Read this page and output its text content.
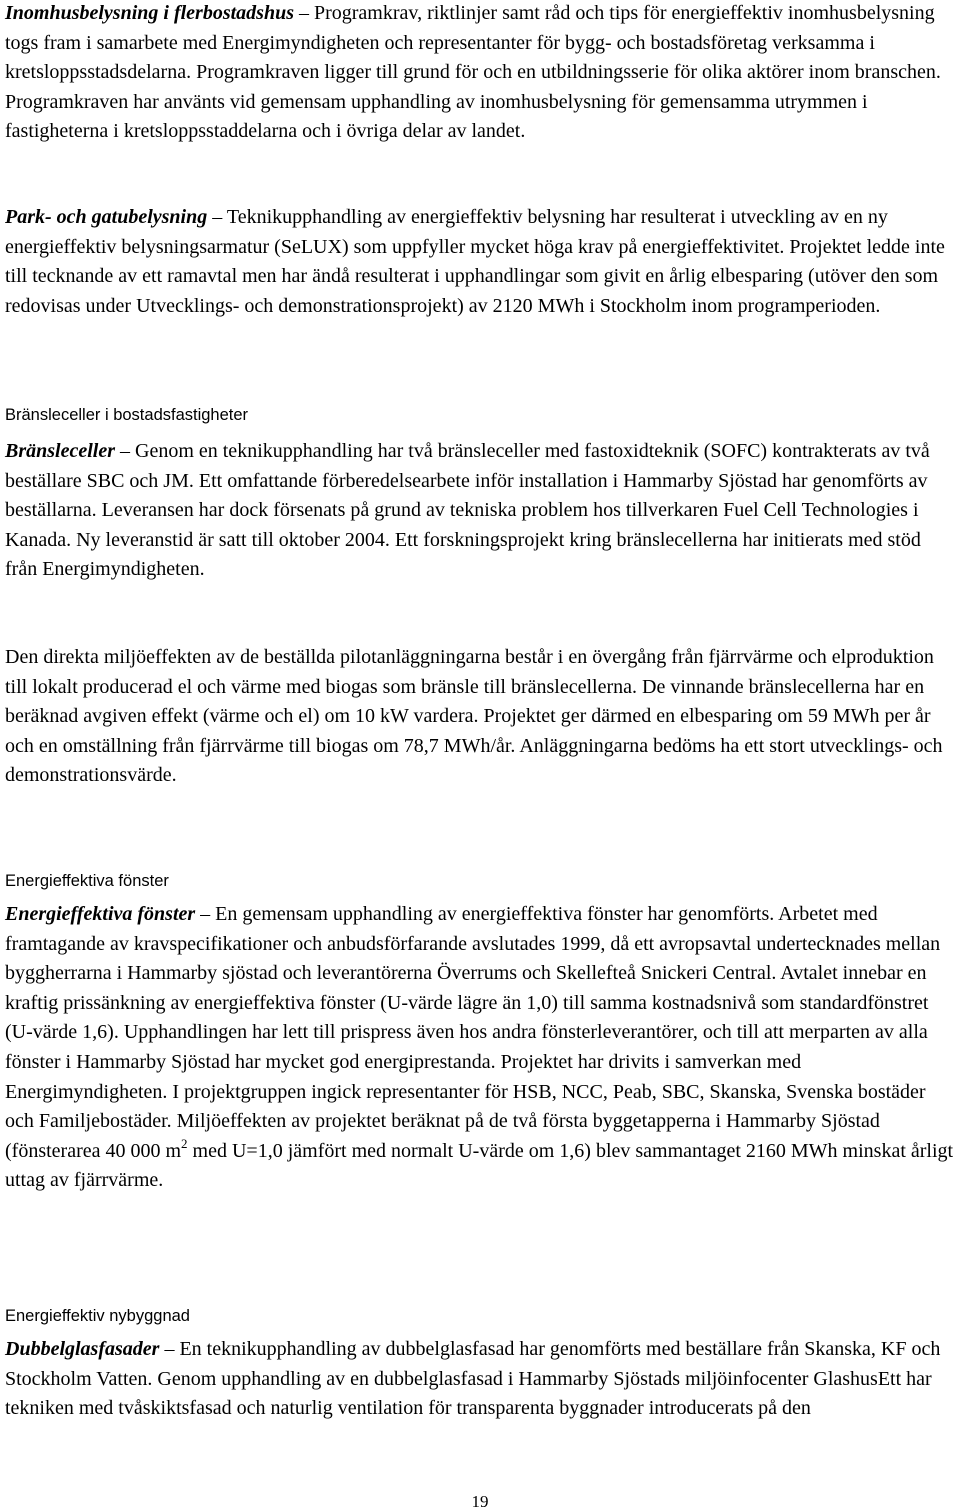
Inomhusbelysning i flerbostadshus – Programkrav, riktlinjer samt råd och tips för energieffektiv inomhusbelysning togs fram i samarbete med Energimyndigheten och representanter för bygg- och bostadsföretag verksamma i kretsloppsstadsdelarna. Programkraven ligger till grund för och en utbildningsserie för olika aktörer inom branschen. Programkraven har använts vid gemensam upphandling av inomhusbelysning för gemensamma utrymmen i fastigheterna i kretsloppsstaddelarna och i övriga delar av landet.

Park- och gatubelysning – Teknikupphandling av energieffektiv belysning har resulterat i utveckling av en ny energieffektiv belysningsarmatur (SeLUX) som uppfyller mycket höga krav på energieffektivitet. Projektet ledde inte till tecknande av ett ramavtal men har ändå resulterat i upphandlingar som givit en årlig elbesparing (utöver den som redovisas under Utvecklings- och demonstrationsprojekt) av 2120 MWh i Stockholm inom programperioden.

Bränsleceller i bostadsfastigheter

Bränsleceller – Genom en teknikupphandling har två bränsleceller med fastoxidteknik (SOFC) kontrakterats av två beställare SBC och JM. Ett omfattande förberedelsearbete inför installation i Hammarby Sjöstad har genomförts av beställarna. Leveransen har dock försenats på grund av tekniska problem hos tillverkaren Fuel Cell Technologies i Kanada. Ny leveranstid är satt till oktober 2004. Ett forskningsprojekt kring bränslecellerna har initierats med stöd från Energimyndigheten.

Den direkta miljöeffekten av de beställda pilotanläggningarna består i en övergång från fjärrvärme och elproduktion till lokalt producerad el och värme med biogas som bränsle till bränslecellerna. De vinnande bränslecellerna har en beräknad avgiven effekt (värme och el) om 10 kW vardera. Projektet ger därmed en elbesparing om 59 MWh per år och en omställning från fjärrvärme till biogas om 78,7 MWh/år. Anläggningarna bedöms ha ett stort utvecklings- och demonstrationsvärde.

Energieffektiva fönster

Energieffektiva fönster – En gemensam upphandling av energieffektiva fönster har genomförts. Arbetet med framtagande av kravspecifikationer och anbudsförfarande avslutades 1999, då ett avropsavtal undertecknades mellan byggherrarna i Hammarby sjöstad och leverantörerna Överrums och Skellefteå Snickeri Central. Avtalet innebar en kraftig prissänkning av energieffektiva fönster (U-värde lägre än 1,0) till samma kostnadsnivå som standardfönstret (U-värde 1,6). Upphandlingen har lett till prispress även hos andra fönsterleverantörer, och till att merparten av alla fönster i Hammarby Sjöstad har mycket god energiprestanda. Projektet har drivits i samverkan med Energimyndigheten. I projektgruppen ingick representanter för HSB, NCC, Peab, SBC, Skanska, Svenska bostäder och Familjebostäder. Miljöeffekten av projektet beräknat på de två första byggetapperna i Hammarby Sjöstad (fönsterarea 40 000 $m^2$ med U=1,0 jämfört med normalt U-värde om 1,6) blev sammantaget 2160 MWh minskat årligt uttag av fjärrvärme.

Energieffektiv nybyggnad

Dubbelglasfasader – En teknikupphandling av dubbelglasfasad har genomförts med beställare från Skanska, KF och Stockholm Vatten. Genom upphandling av en dubbelglasfasad i Hammarby Sjöstads miljöinfocenter GlashusEtt har tekniken med tvåskiktsfasad och naturlig ventilation för transparenta byggnader introducerats på den

19
